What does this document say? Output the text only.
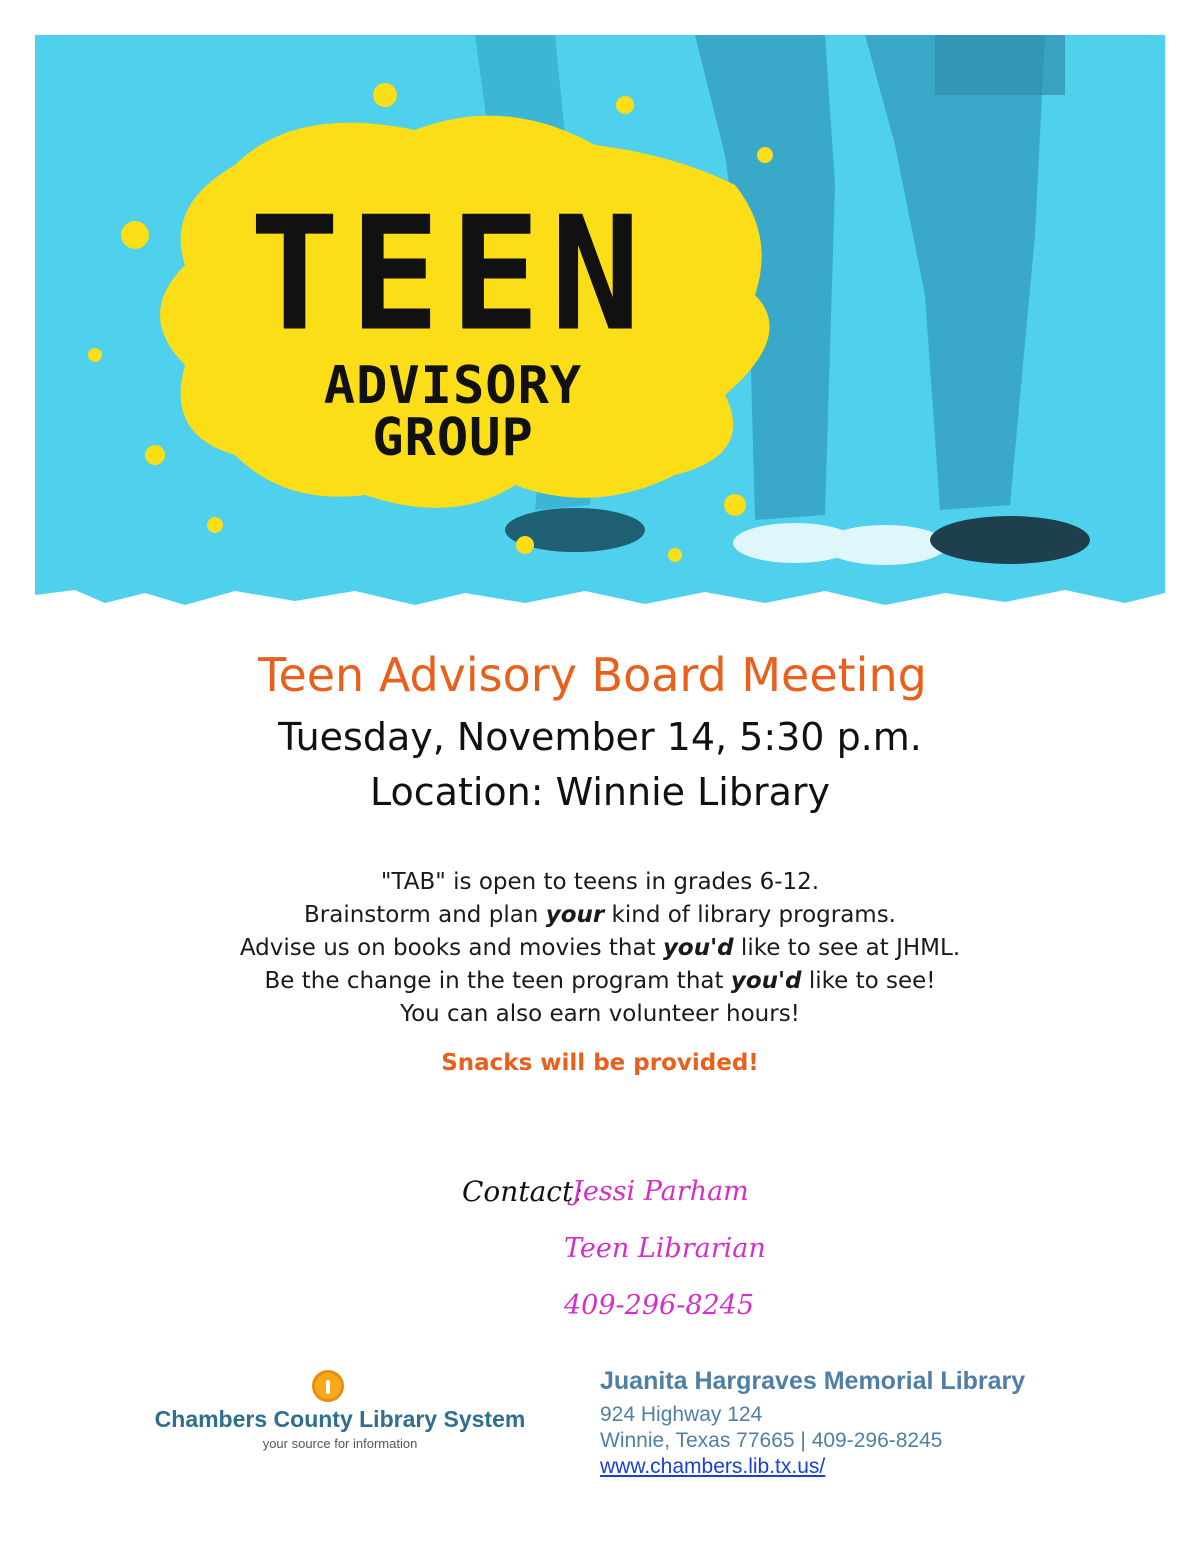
TEEN
ADVISORY GROUP
Teen Advisory Board Meeting
Tuesday, November 14, 5:30 p.m.
Location: Winnie Library
"TAB" is open to teens in grades 6-12.
Brainstorm and plan your kind of library programs.
Advise us on books and movies that you'd like to see at JHML.
Be the change in the teen program that you'd like to see!
You can also earn volunteer hours!
Snacks will be provided!
Contact:
Jessi Parham
Teen Librarian
409-296-8245
Chambers County Library System
your source for information
Juanita Hargraves Memorial Library
924 Highway 124
Winnie, Texas 77665 | 409-296-8245
www.chambers.lib.tx.us/
